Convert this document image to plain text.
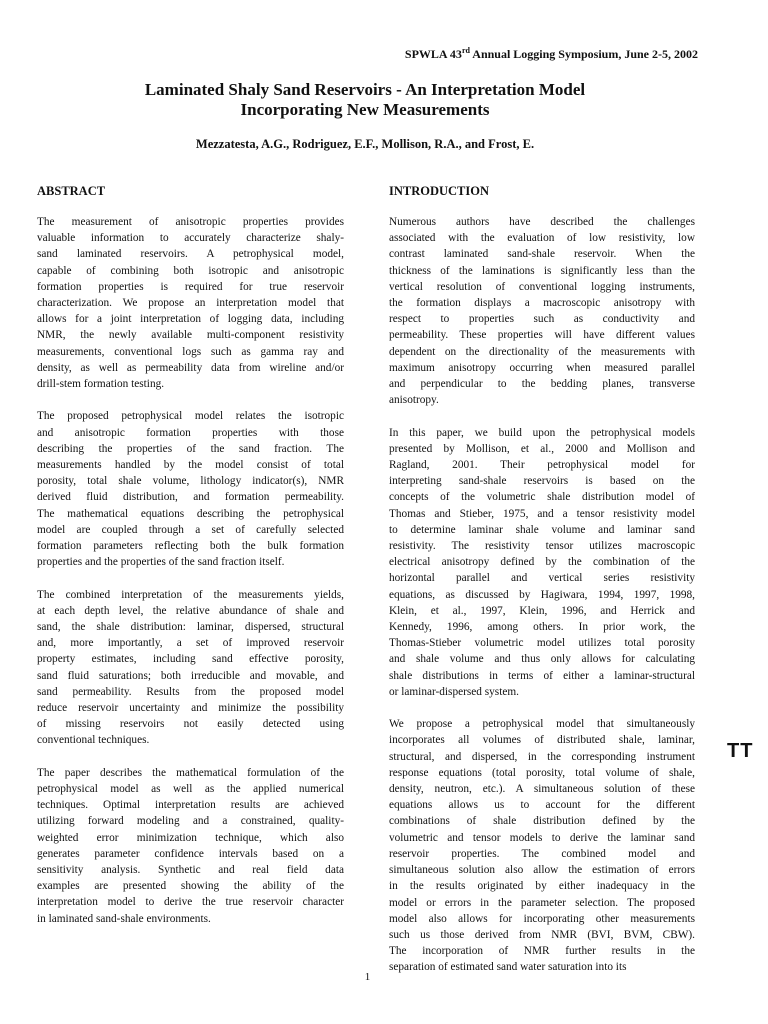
SPWLA 43rd Annual Logging Symposium, June 2-5, 2002
Laminated Shaly Sand Reservoirs - An Interpretation Model
Incorporating New Measurements
Mezzatesta, A.G., Rodriguez, E.F., Mollison, R.A., and Frost, E.
ABSTRACT
The measurement of anisotropic properties provides
valuable information to accurately characterize shaly-
sand laminated reservoirs. A petrophysical model,
capable of combining both isotropic and anisotropic
formation properties is required for true reservoir
characterization. We propose an interpretation model that
allows for a joint interpretation of logging data, including
NMR, the newly available multi-component resistivity
measurements, conventional logs such as gamma ray and
density, as well as permeability data from wireline and/or
drill-stem formation testing.
The proposed petrophysical model relates the isotropic
and anisotropic formation properties with those
describing the properties of the sand fraction. The
measurements handled by the model consist of total
porosity, total shale volume, lithology indicator(s), NMR
derived fluid distribution, and formation permeability.
The mathematical equations describing the petrophysical
model are coupled through a set of carefully selected
formation parameters reflecting both the bulk formation
properties and the properties of the sand fraction itself.
The combined interpretation of the measurements yields,
at each depth level, the relative abundance of shale and
sand, the shale distribution: laminar, dispersed, structural
and, more importantly, a set of improved reservoir
property estimates, including sand effective porosity,
sand fluid saturations; both irreducible and movable, and
sand permeability. Results from the proposed model
reduce reservoir uncertainty and minimize the possibility
of missing reservoirs not easily detected using
conventional techniques.
The paper describes the mathematical formulation of the
petrophysical model as well as the applied numerical
techniques. Optimal interpretation results are achieved
utilizing forward modeling and a constrained, quality-
weighted error minimization technique, which also
generates parameter confidence intervals based on a
sensitivity analysis. Synthetic and real field data
examples are presented showing the ability of the
interpretation model to derive the true reservoir character
in laminated sand-shale environments.
INTRODUCTION
Numerous authors have described the challenges
associated with the evaluation of low resistivity, low
contrast laminated sand-shale reservoir. When the
thickness of the laminations is significantly less than the
vertical resolution of conventional logging instruments,
the formation displays a macroscopic anisotropy with
respect to properties such as conductivity and
permeability. These properties will have different values
dependent on the directionality of the measurements with
maximum anisotropy occurring when measured parallel
and perpendicular to the bedding planes, transverse
anisotropy.
In this paper, we build upon the petrophysical models
presented by Mollison, et al., 2000 and Mollison and
Ragland, 2001. Their petrophysical model for
interpreting sand-shale reservoirs is based on the
concepts of the volumetric shale distribution model of
Thomas and Stieber, 1975, and a tensor resistivity model
to determine laminar shale volume and laminar sand
resistivity. The resistivity tensor utilizes macroscopic
electrical anisotropy defined by the combination of the
horizontal parallel and vertical series resistivity
equations, as discussed by Hagiwara, 1994, 1997, 1998,
Klein, et al., 1997, Klein, 1996, and Herrick and
Kennedy, 1996, among others. In prior work, the
Thomas-Stieber volumetric model utilizes total porosity
and shale volume and thus only allows for calculating
shale distributions in terms of either a laminar-structural
or laminar-dispersed system.
We propose a petrophysical model that simultaneously
incorporates all volumes of distributed shale, laminar,
structural, and dispersed, in the corresponding instrument
response equations (total porosity, total volume of shale,
density, neutron, etc.). A simultaneous solution of these
equations allows us to account for the different
combinations of shale distribution defined by the
volumetric and tensor models to derive the laminar sand
reservoir properties. The combined model and
simultaneous solution also allow the estimation of errors
in the results originated by either inadequacy in the
model or errors in the parameter selection. The proposed
model also allows for incorporating other measurements
such us those derived from NMR (BVI, BVM, CBW).
The incorporation of NMR further results in the
separation of estimated sand water saturation into its
TT
1
